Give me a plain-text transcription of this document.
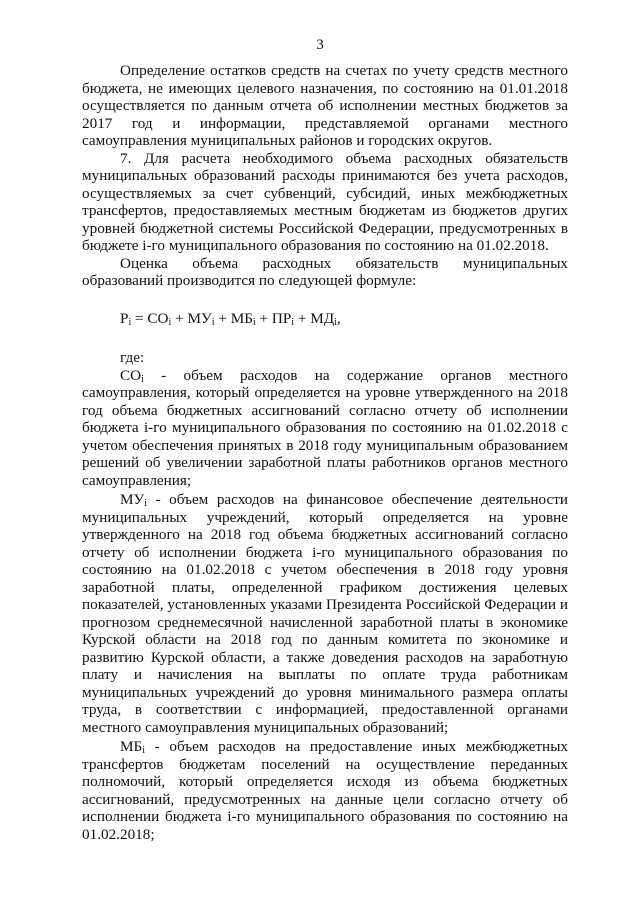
3

Определение остатков средств на счетах по учету средств местного бюджета, не имеющих целевого назначения, по состоянию на 01.01.2018 осуществляется по данным отчета об исполнении местных бюджетов за 2017 год и информации, представляемой органами местного самоуправления муниципальных районов и городских округов.

7. Для расчета необходимого объема расходных обязательств муниципальных образований расходы принимаются без учета расходов, осуществляемых за счет субвенций, субсидий, иных межбюджетных трансфертов, предоставляемых местным бюджетам из бюджетов других уровней бюджетной системы Российской Федерации, предусмотренных в бюджете i-го муниципального образования по состоянию на 01.02.2018.

Оценка объема расходных обязательств муниципальных образований производится по следующей формуле:

$P_i = CO_i + МУ_i + МБ_i + ПР_i + МД_i$,

где:

$CO_i$ - объем расходов на содержание органов местного самоуправления, который определяется на уровне утвержденного на 2018 год объема бюджетных ассигнований согласно отчету об исполнении бюджета i-го муниципального образования по состоянию на 01.02.2018 с учетом обеспечения принятых в 2018 году муниципальным образованием решений об увеличении заработной платы работников органов местного самоуправления;

$МУ_i$ - объем расходов на финансовое обеспечение деятельности муниципальных учреждений, который определяется на уровне утвержденного на 2018 год объема бюджетных ассигнований согласно отчету об исполнении бюджета i-го муниципального образования по состоянию на 01.02.2018 с учетом обеспечения в 2018 году уровня заработной платы, определенной графиком достижения целевых показателей, установленных указами Президента Российской Федерации и прогнозом среднемесячной начисленной заработной платы в экономике Курской области на 2018 год по данным комитета по экономике и развитию Курской области, а также доведения расходов на заработную плату и начисления на выплаты по оплате труда работникам муниципальных учреждений до уровня минимального размера оплаты труда, в соответствии с информацией, предоставленной органами местного самоуправления муниципальных образований;

$МБ_i$ - объем расходов на предоставление иных межбюджетных трансфертов бюджетам поселений на осуществление переданных полномочий, который определяется исходя из объема бюджетных ассигнований, предусмотренных на данные цели согласно отчету об исполнении бюджета i-го муниципального образования по состоянию на 01.02.2018;
